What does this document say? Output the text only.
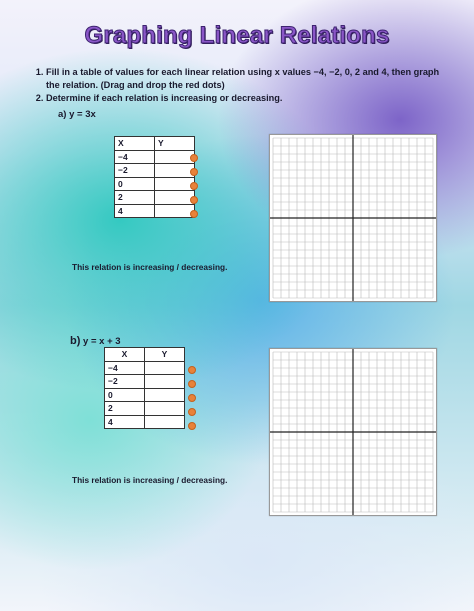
Graphing Linear Relations
1. Fill in a table of values for each linear relation using x values −4, −2, 0, 2 and 4, then graph the relation. (Drag and drop the red dots)
2. Determine if each relation is increasing or decreasing.
a) y = 3x
X	Y
−4	
−2	
0	
2	
4	
This relation is increasing / decreasing.
b) y = x + 3
X	Y
−4	
−2	
0	
2	
4	
This relation is increasing / decreasing.
